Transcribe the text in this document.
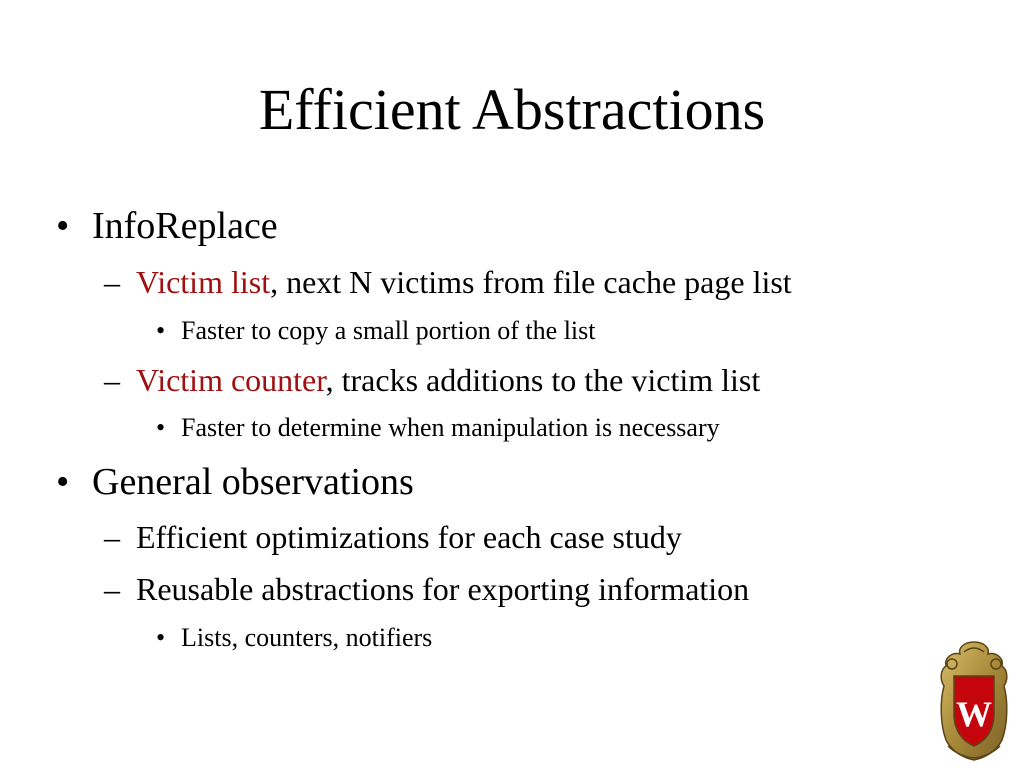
Efficient Abstractions
• InfoReplace
– Victim list, next N victims from file cache page list
• Faster to copy a small portion of the list
– Victim counter, tracks additions to the victim list
• Faster to determine when manipulation is necessary
• General observations
– Efficient optimizations for each case study
– Reusable abstractions for exporting information
• Lists, counters, notifiers
W
